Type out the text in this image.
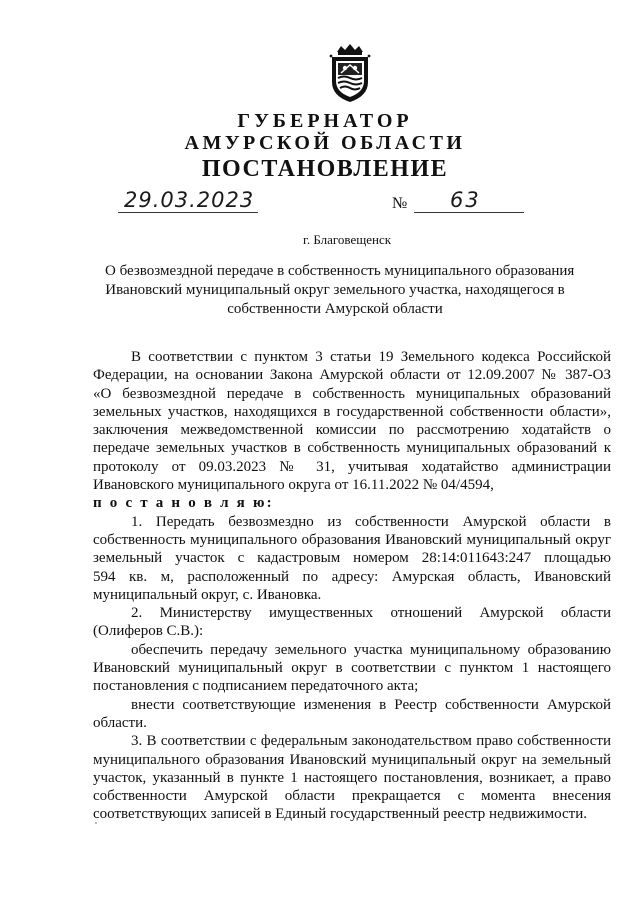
ГУБЕРНАТОР
АМУРСКОЙ ОБЛАСТИ
ПОСТАНОВЛЕНИЕ
29.03.2023	№ 63
г. Благовещенск
О безвозмездной передаче в собственность муниципального образования
Ивановский муниципальный округ земельного участка, находящегося в
собственности Амурской области
В соответствии с пунктом 3 статьи 19 Земельного кодекса Российской
Федерации, на основании Закона Амурской области от 12.09.2007 № 387-ОЗ
«О безвозмездной передаче в собственность муниципальных образований
земельных участков, находящихся в государственной собственности области»,
заключения межведомственной комиссии по рассмотрению ходатайств о
передаче земельных участков в собственность муниципальных образований к
протоколу от 09.03.2023 № 31, учитывая ходатайство администрации
Ивановского муниципального округа от 16.11.2022 № 04/4594,
п о с т а н о в л я ю:
1. Передать безвозмездно из собственности Амурской области в
собственность муниципального образования Ивановский муниципальный округ
земельный участок с кадастровым номером 28:14:011643:247 площадью
594 кв. м, расположенный по адресу: Амурская область, Ивановский
муниципальный округ, с. Ивановка.
2. Министерству имущественных отношений Амурской области
(Олиферов С.В.):
обеспечить передачу земельного участка муниципальному образованию
Ивановский муниципальный округ в соответствии с пунктом 1 настоящего
постановления с подписанием передаточного акта;
внести соответствующие изменения в Реестр собственности Амурской
области.
3. В соответствии с федеральным законодательством право собственности
муниципального образования Ивановский муниципальный округ на земельный
участок, указанный в пункте 1 настоящего постановления, возникает, а право
собственности Амурской области прекращается с момента внесения
соответствующих записей в Единый государственный реестр недвижимости.
